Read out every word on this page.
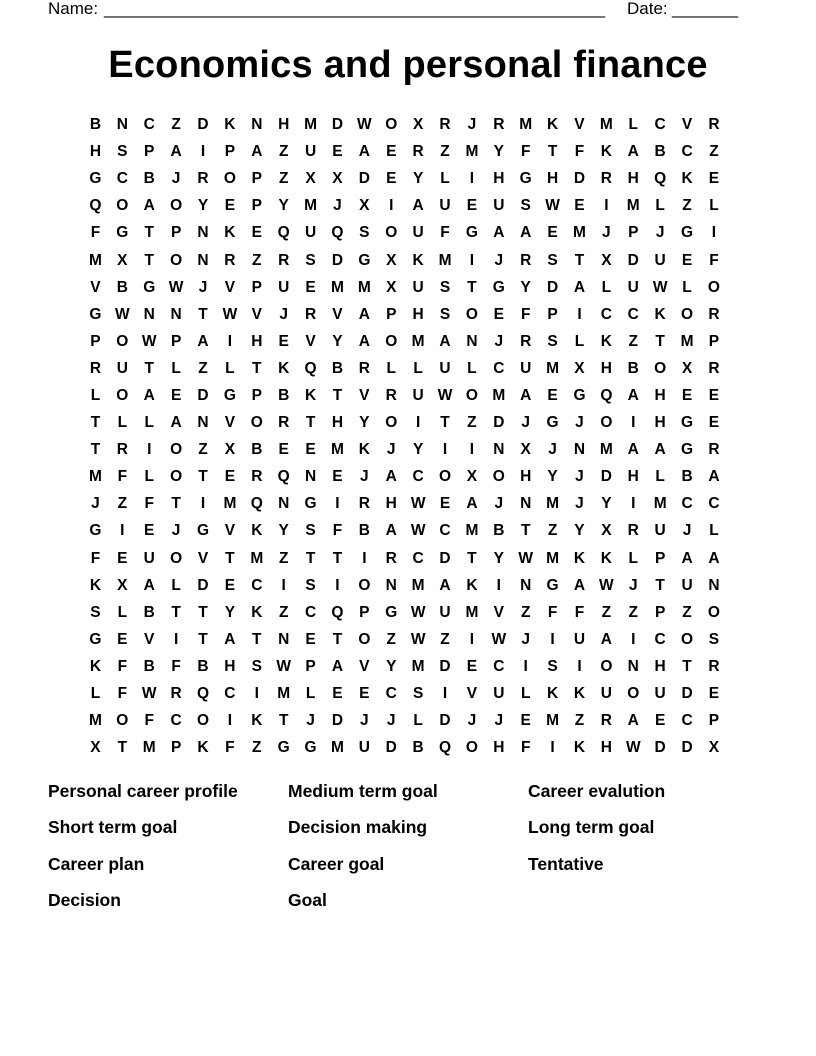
Name: _____________________________________________________ Date: _______
Economics and personal finance
B	N	C	Z	D	K	N	H M D W O	X	R	J	R M K	V M	L	C	V	R
H	S	P	A	I	P	A	Z	U	E	A	E	R	Z	M Y	F	T	F	K	A	B	C	Z
G C	B	J	R O	P	Z	X	X	D	E	Y	L	I	H G H	D	R	H Q K	E
Q O A O	Y	E	P	Y M	J	X	I	A	U	E	U	S W E	I	M	L	Z	L
F	G	T	P	N	K	E	Q U Q	S	O U	F	G A	A	E M	J	P	J	G	I
M X	T	O N	R	Z	R	S	D G	X	K M	I	J	R	S	T	X	D	U	E	F
V	B G W J	V	P	U	E M M X	U	S	T	G	Y	D	A	L	U W L	O
G W N	N	T W V	J	R	V	A	P	H	S	O	E	F	P	I	C	C	K O R
P	O W P	A	I	H	E	V	Y	A O M A	N	J	R	S	L	K	Z	T	M P
R	U	T	L	Z	L	T	K Q B	R	L	L	U	L	C	U M X	H	B O	X	R
L	O A	E	D G	P	B	K	T	V	R	U W O M A	E	G Q A	H	E	E
T	L	L	A	N	V	O R	T	H	Y	O	I	T	Z	D	J	G	J	O	I	H G	E
T	R	I	O	Z	X	B	E	E M K	J	Y	I	I	N	X	J	N M A	A G R
M	F	L	O	T	E	R Q N	E	J	A	C O	X	O H	Y	J	D	H	L	B	A
J	Z	F	T	I	M Q N G	I	R	H W E	A	J	N M	J	Y	I	M C	C
G	I	E	J	G	V	K	Y	S	F	B	A W C M B	T	Z	Y	X	R	U	J	L
F	E	U O	V	T	M	Z	T	T	I	R	C	D	T	Y W M K	K	L	P	A	A
K	X	A	L	D	E	C	I	S	I	O N M A	K	I	N G A W J	T	U	N
S	L	B	T	T	Y	K	Z	C Q	P	G W U M V	Z	F	F	Z	Z	P	Z	O
G	E	V	I	T	A	T	N	E	T	O	Z W Z	I	W J	I	U	A	I	C O	S
K	F	B	F	B	H	S W P	A	V	Y M D	E	C	I	S	I	O N	H	T	R
L	F W R Q C	I	M	L	E	E	C	S	I	V	U	L	K	K	U O U	D	E
M O	F	C O	I	K	T	J	D	J	J	L	D	J	J	E M	Z	R	A	E	C	P
X	T	M P	K	F	Z	G G M U	D	B Q O H	F	I	K	H W D	D	X
Personal career profile	Medium term goal	Career evalution
Short term goal	Decision making	Long term goal
Career plan	Career goal	Tentative
Decision	Goal
